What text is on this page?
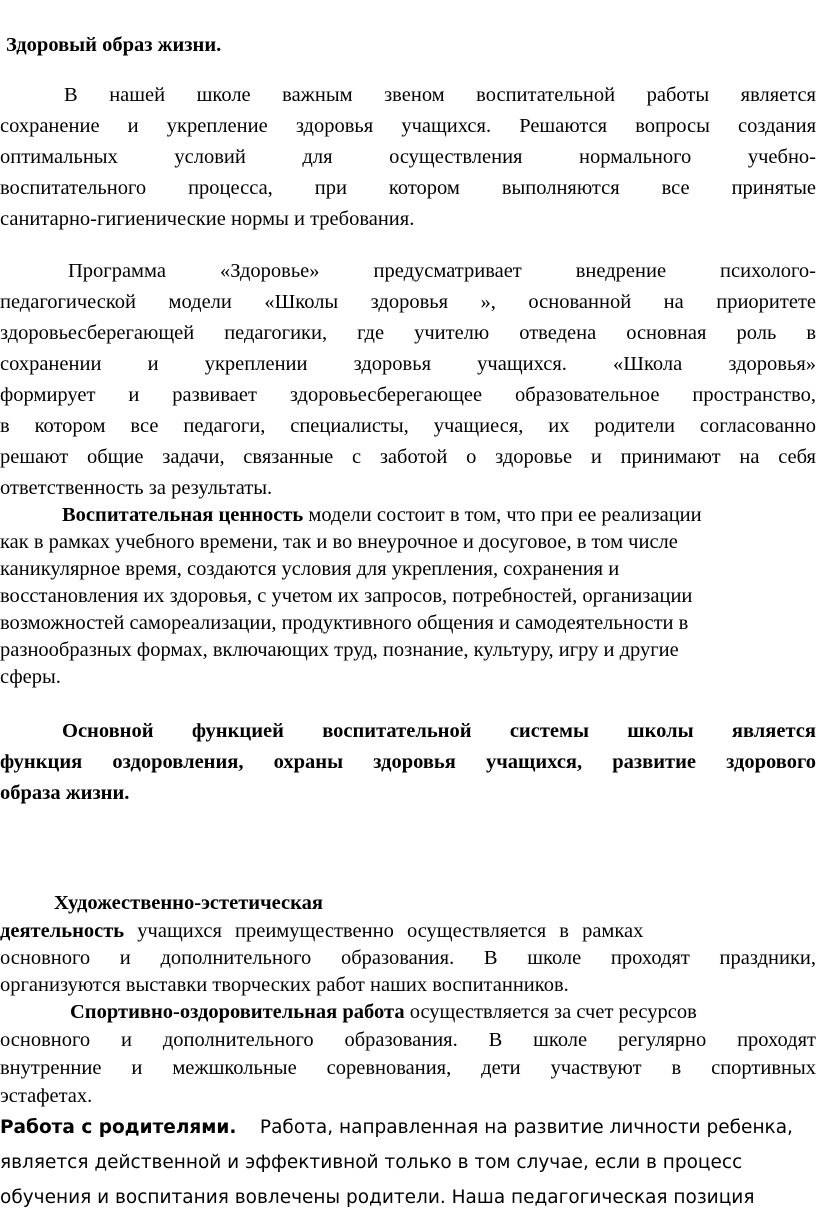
Здоровый образ жизни.
В нашей школе важным звеном воспитательной работы является
сохранение и укрепление здоровья учащихся. Решаются вопросы создания
оптимальных условий для осуществления нормального учебно-
воспитательного процесса, при котором выполняются все принятые
санитарно-гигиенические нормы и требования.
Программа «Здоровье» предусматривает внедрение психолого-
педагогической модели «Школы здоровья », основанной на приоритете
здоровьесберегающей педагогики, где учителю отведена основная роль в
сохранении и укреплении здоровья учащихся. «Школа здоровья»
формирует и развивает здоровьесберегающее образовательное пространство,
в котором все педагоги, специалисты, учащиеся, их родители согласованно
решают общие задачи, связанные с заботой о здоровье и принимают на себя
ответственность за результаты.
Воспитательная ценность модели состоит в том, что при ее реализации
как в рамках учебного времени, так и во внеурочное и досуговое, в том числе
каникулярное время, создаются условия для укрепления, сохранения и
восстановления их здоровья, с учетом их запросов, потребностей, организации
возможностей самореализации, продуктивного общения и самодеятельности в
разнообразных формах, включающих труд, познание, культуру, игру и другие
сферы.
Основной функцией воспитательной системы школы является
функция оздоровления, охраны здоровья учащихся, развитие здорового
образа жизни.
Художественно-эстетическая
деятельность учащихся преимущественно осуществляется в рамках
основного и дополнительного образования. В школе проходят праздники,
организуются выставки творческих работ наших воспитанников.
Спортивно-оздоровительная работа осуществляется за счет ресурсов
основного и дополнительного образования. В школе регулярно проходят
внутренние и межшкольные соревнования, дети участвуют в спортивных
эстафетах.
Работа с родителями.    Работа, направленная на развитие личности ребенка,
является действенной и эффективной только в том случае, если в процесс
обучения и воспитания вовлечены родители. Наша педагогическая позиция
